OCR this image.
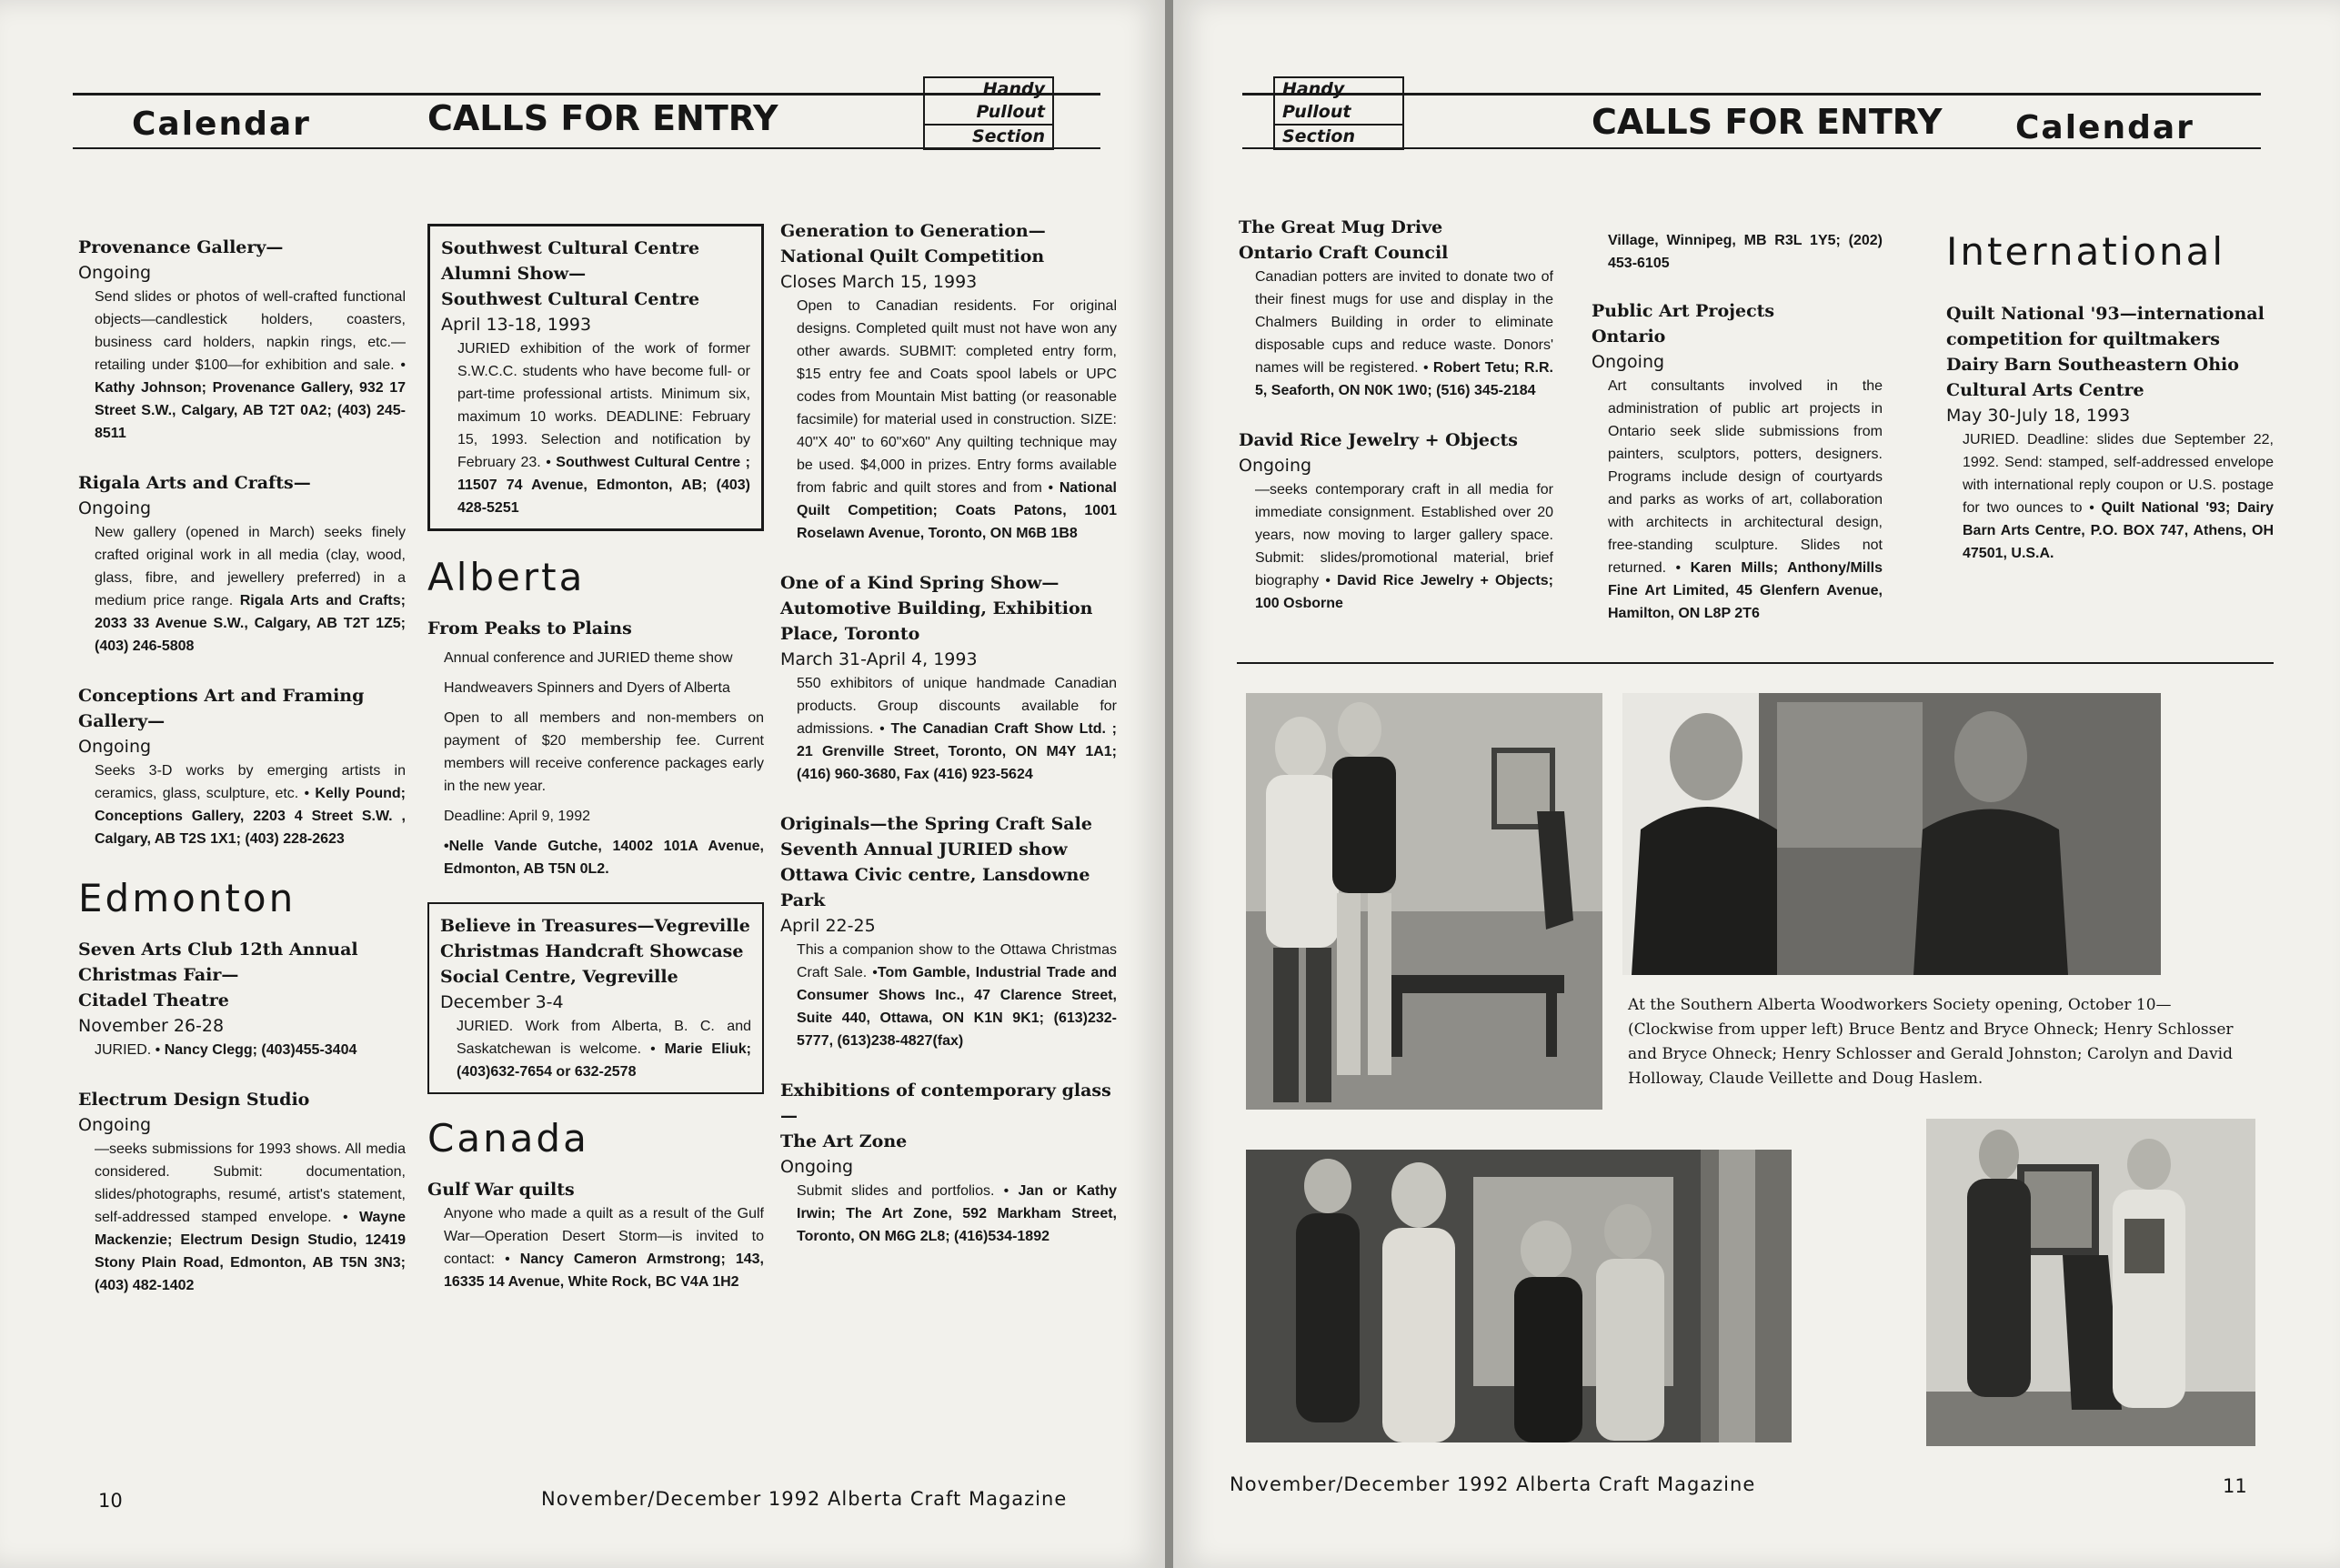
Calendar	CALLS FOR ENTRY
Handy
Pullout
Section
Provenance Gallery—
Ongoing
Send slides or photos of well-crafted functional objects—candlestick holders, coasters, business card holders, napkin rings, etc.—retailing under $100—for exhibition and sale. • Kathy Johnson; Provenance Gallery, 932 17 Street S.W., Calgary, AB T2T 0A2; (403) 245-8511
Rigala Arts and Crafts—
Ongoing
New gallery (opened in March) seeks finely crafted original work in all media (clay, wood, glass, fibre, and jewellery preferred) in a medium price range. Rigala Arts and Crafts; 2033 33 Avenue S.W., Calgary, AB T2T 1Z5; (403) 246-5808
Conceptions Art and Framing Gallery—
Ongoing
Seeks 3-D works by emerging artists in ceramics, glass, sculpture, etc. • Kelly Pound; Conceptions Gallery, 2203 4 Street S.W. , Calgary, AB T2S 1X1; (403) 228-2623
Edmonton
Seven Arts Club 12th Annual Christmas Fair—
Citadel Theatre
November 26-28
JURIED. • Nancy Clegg; (403)455-3404
Electrum Design Studio
Ongoing
—seeks submissions for 1993 shows. All media considered. Submit: documentation, slides/photographs, resumé, artist's statement, self-addressed stamped envelope. • Wayne Mackenzie; Electrum Design Studio, 12419 Stony Plain Road, Edmonton, AB T5N 3N3; (403) 482-1402
Southwest Cultural Centre Alumni Show—
Southwest Cultural Centre
April 13-18, 1993
JURIED exhibition of the work of former S.W.C.C. students who have become full- or part-time professional artists. Minimum six, maximum 10 works. DEADLINE: February 15, 1993. Selection and notification by February 23. • Southwest Cultural Centre ; 11507 74 Avenue, Edmonton, AB; (403) 428-5251
Alberta
From Peaks to Plains
Annual conference and JURIED theme show
Handweavers Spinners and Dyers of Alberta
Open to all members and non-members on payment of $20 membership fee. Current members will receive conference packages early in the new year.
Deadline: April 9, 1992
•Nelle Vande Gutche, 14002 101A Avenue, Edmonton, AB T5N 0L2.
Believe in Treasures—Vegreville Christmas Handcraft Showcase
Social Centre, Vegreville
December 3-4
JURIED. Work from Alberta, B. C. and Saskatchewan is welcome. • Marie Eliuk; (403)632-7654 or 632-2578
Canada
Gulf War quilts
Anyone who made a quilt as a result of the Gulf War—Operation Desert Storm—is invited to contact: • Nancy Cameron Armstrong; 143, 16335 14 Avenue, White Rock, BC V4A 1H2
Generation to Generation—National Quilt Competition
Closes March 15, 1993
Open to Canadian residents. For original designs. Completed quilt must not have won any other awards. SUBMIT: completed entry form, $15 entry fee and Coats spool labels or UPC codes from Mountain Mist batting (or reasonable facsimile) for material used in construction. SIZE: 40"X 40" to 60"x60" Any quilting technique may be used. $4,000 in prizes. Entry forms available from fabric and quilt stores and from • National Quilt Competition; Coats Patons, 1001 Roselawn Avenue, Toronto, ON M6B 1B8
One of a Kind Spring Show—Automotive Building, Exhibition Place, Toronto
March 31-April 4, 1993
550 exhibitors of unique handmade Canadian products. Group discounts available for admissions. • The Canadian Craft Show Ltd. ; 21 Grenville Street, Toronto, ON M4Y 1A1; (416) 960-3680, Fax (416) 923-5624
Originals—the Spring Craft Sale
Seventh Annual JURIED show
Ottawa Civic centre, Lansdowne Park
April 22-25
This a companion show to the Ottawa Christmas Craft Sale. •Tom Gamble, Industrial Trade and Consumer Shows Inc., 47 Clarence Street, Suite 440, Ottawa, ON K1N 9K1; (613)232-5777, (613)238-4827(fax)
Exhibitions of contemporary glass—
The Art Zone
Ongoing
Submit slides and portfolios. • Jan or Kathy Irwin; The Art Zone, 592 Markham Street, Toronto, ON M6G 2L8; (416)534-1892
10	November/December 1992 Alberta Craft Magazine
Handy
Pullout
Section	CALLS FOR ENTRY Calendar
The Great Mug Drive
Ontario Craft Council
Canadian potters are invited to donate two of their finest mugs for use and display in the Chalmers Building in order to eliminate disposable cups and reduce waste. Donors' names will be registered. • Robert Tetu; R.R. 5, Seaforth, ON N0K 1W0; (516) 345-2184
David Rice Jewelry + Objects
Ongoing
—seeks contemporary craft in all media for immediate consignment. Established over 20 years, now moving to larger gallery space. Submit: slides/promotional material, brief biography • David Rice Jewelry + Objects; 100 Osborne
Village, Winnipeg, MB R3L 1Y5; (202) 453-6105
Public Art Projects
Ontario
Ongoing
Art consultants involved in the administration of public art projects in Ontario seek slide submissions from painters, sculptors, potters, designers. Programs include design of courtyards and parks as works of art, collaboration with architects in architectural design, free-standing sculpture. Slides not returned. • Karen Mills; Anthony/Mills Fine Art Limited, 45 Glenfern Avenue, Hamilton, ON L8P 2T6
International
Quilt National '93—international competition for quiltmakers
Dairy Barn Southeastern Ohio Cultural Arts Centre
May 30-July 18, 1993
JURIED. Deadline: slides due September 22, 1992. Send: stamped, self-addressed envelope with international reply coupon or U.S. postage for two ounces to • Quilt National '93; Dairy Barn Arts Centre, P.O. BOX 747, Athens, OH 47501, U.S.A.
At the Southern Alberta Woodworkers Society opening, October 10—(Clockwise from upper left) Bruce Bentz and Bryce Ohneck; Henry Schlosser and Bryce Ohneck; Henry Schlosser and Gerald Johnston; Carolyn and David Holloway, Claude Veillette and Doug Haslem.
November/December 1992 Alberta Craft Magazine	11
